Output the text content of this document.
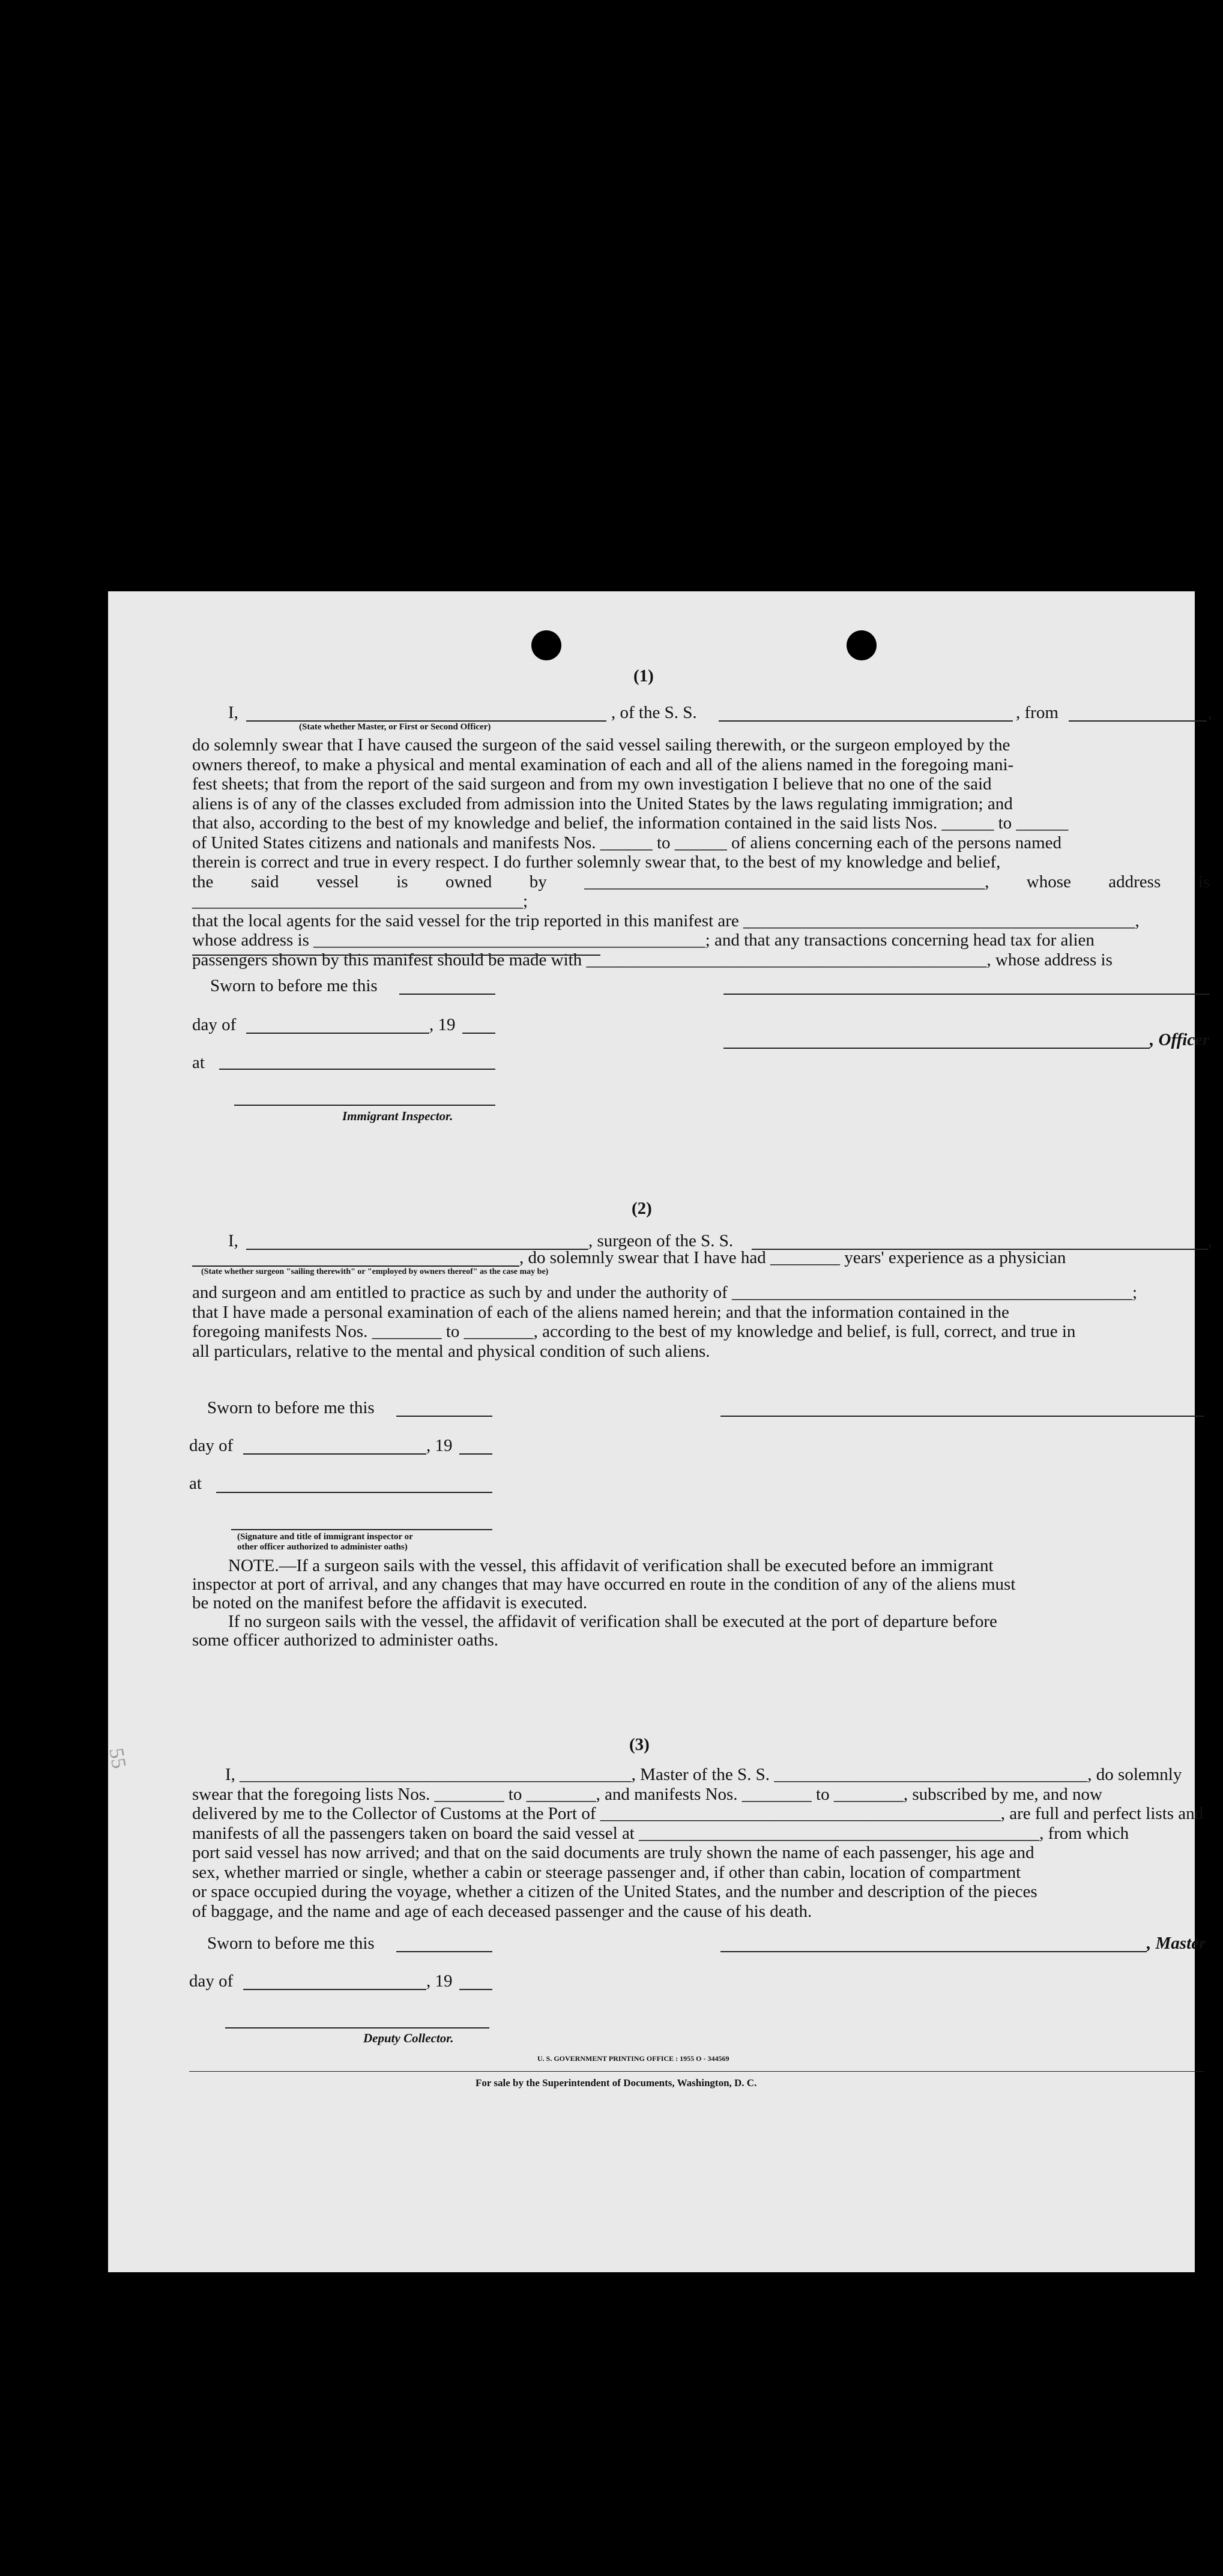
(1)
I,	, of the S. S.	, from	,
(State whether Master, or First or Second Officer)
do solemnly swear that I have caused the surgeon of the said vessel sailing therewith, or the surgeon employed by the
owners thereof, to make a physical and mental examination of each and all of the aliens named in the foregoing mani-
fest sheets; that from the report of the said surgeon and from my own investigation I believe that no one of the said
aliens is of any of the classes excluded from admission into the United States by the laws regulating immigration; and
that also, according to the best of my knowledge and belief, the information contained in the said lists Nos. ______ to ______
of United States citizens and nationals and manifests Nos. ______ to ______ of aliens concerning each of the persons named
therein is correct and true in every respect. I do further solemnly swear that, to the best of my knowledge and belief,
the said vessel is owned by ______________________________________________, whose address is ______________________________________;
that the local agents for the said vessel for the trip reported in this manifest are _____________________________________________,
whose address is _____________________________________________; and that any transactions concerning head tax for alien
passengers shown by this manifest should be made with ______________________________________________, whose address is
Sworn to before me this
day of	, 19
, Officer
at
Immigrant Inspector.
(2)
I,	, surgeon of the S. S.	,
, do solemnly swear that I have had ________ years' experience as a physician
(State whether surgeon "sailing therewith" or "employed by owners thereof" as the case may be)
and surgeon and am entitled to practice as such by and under the authority of ______________________________________________;
that I have made a personal examination of each of the aliens named herein; and that the information contained in the
foregoing manifests Nos. ________ to ________, according to the best of my knowledge and belief, is full, correct, and true in
all particulars, relative to the mental and physical condition of such aliens.
Sworn to before me this
day of	, 19
at
(Signature and title of immigrant inspector or
other officer authorized to administer oaths)
NOTE.—If a surgeon sails with the vessel, this affidavit of verification shall be executed before an immigrant
inspector at port of arrival, and any changes that may have occurred en route in the condition of any of the aliens must
be noted on the manifest before the affidavit is executed.
If no surgeon sails with the vessel, the affidavit of verification shall be executed at the port of departure before
some officer authorized to administer oaths.
(3)
I, _____________________________________________, Master of the S. S. ____________________________________, do solemnly
swear that the foregoing lists Nos. ________ to ________, and manifests Nos. ________ to ________, subscribed by me, and now
delivered by me to the Collector of Customs at the Port of ______________________________________________, are full and perfect lists and
manifests of all the passengers taken on board the said vessel at ______________________________________________, from which
port said vessel has now arrived; and that on the said documents are truly shown the name of each passenger, his age and
sex, whether married or single, whether a cabin or steerage passenger and, if other than cabin, location of compartment
or space occupied during the voyage, whether a citizen of the United States, and the number and description of the pieces
of baggage, and the name and age of each deceased passenger and the cause of his death.
Sworn to before me this	, Master
day of	, 19
Deputy Collector.
U. S. GOVERNMENT PRINTING OFFICE : 1955 O - 344569
For sale by the Superintendent of Documents, Washington, D. C.
55
